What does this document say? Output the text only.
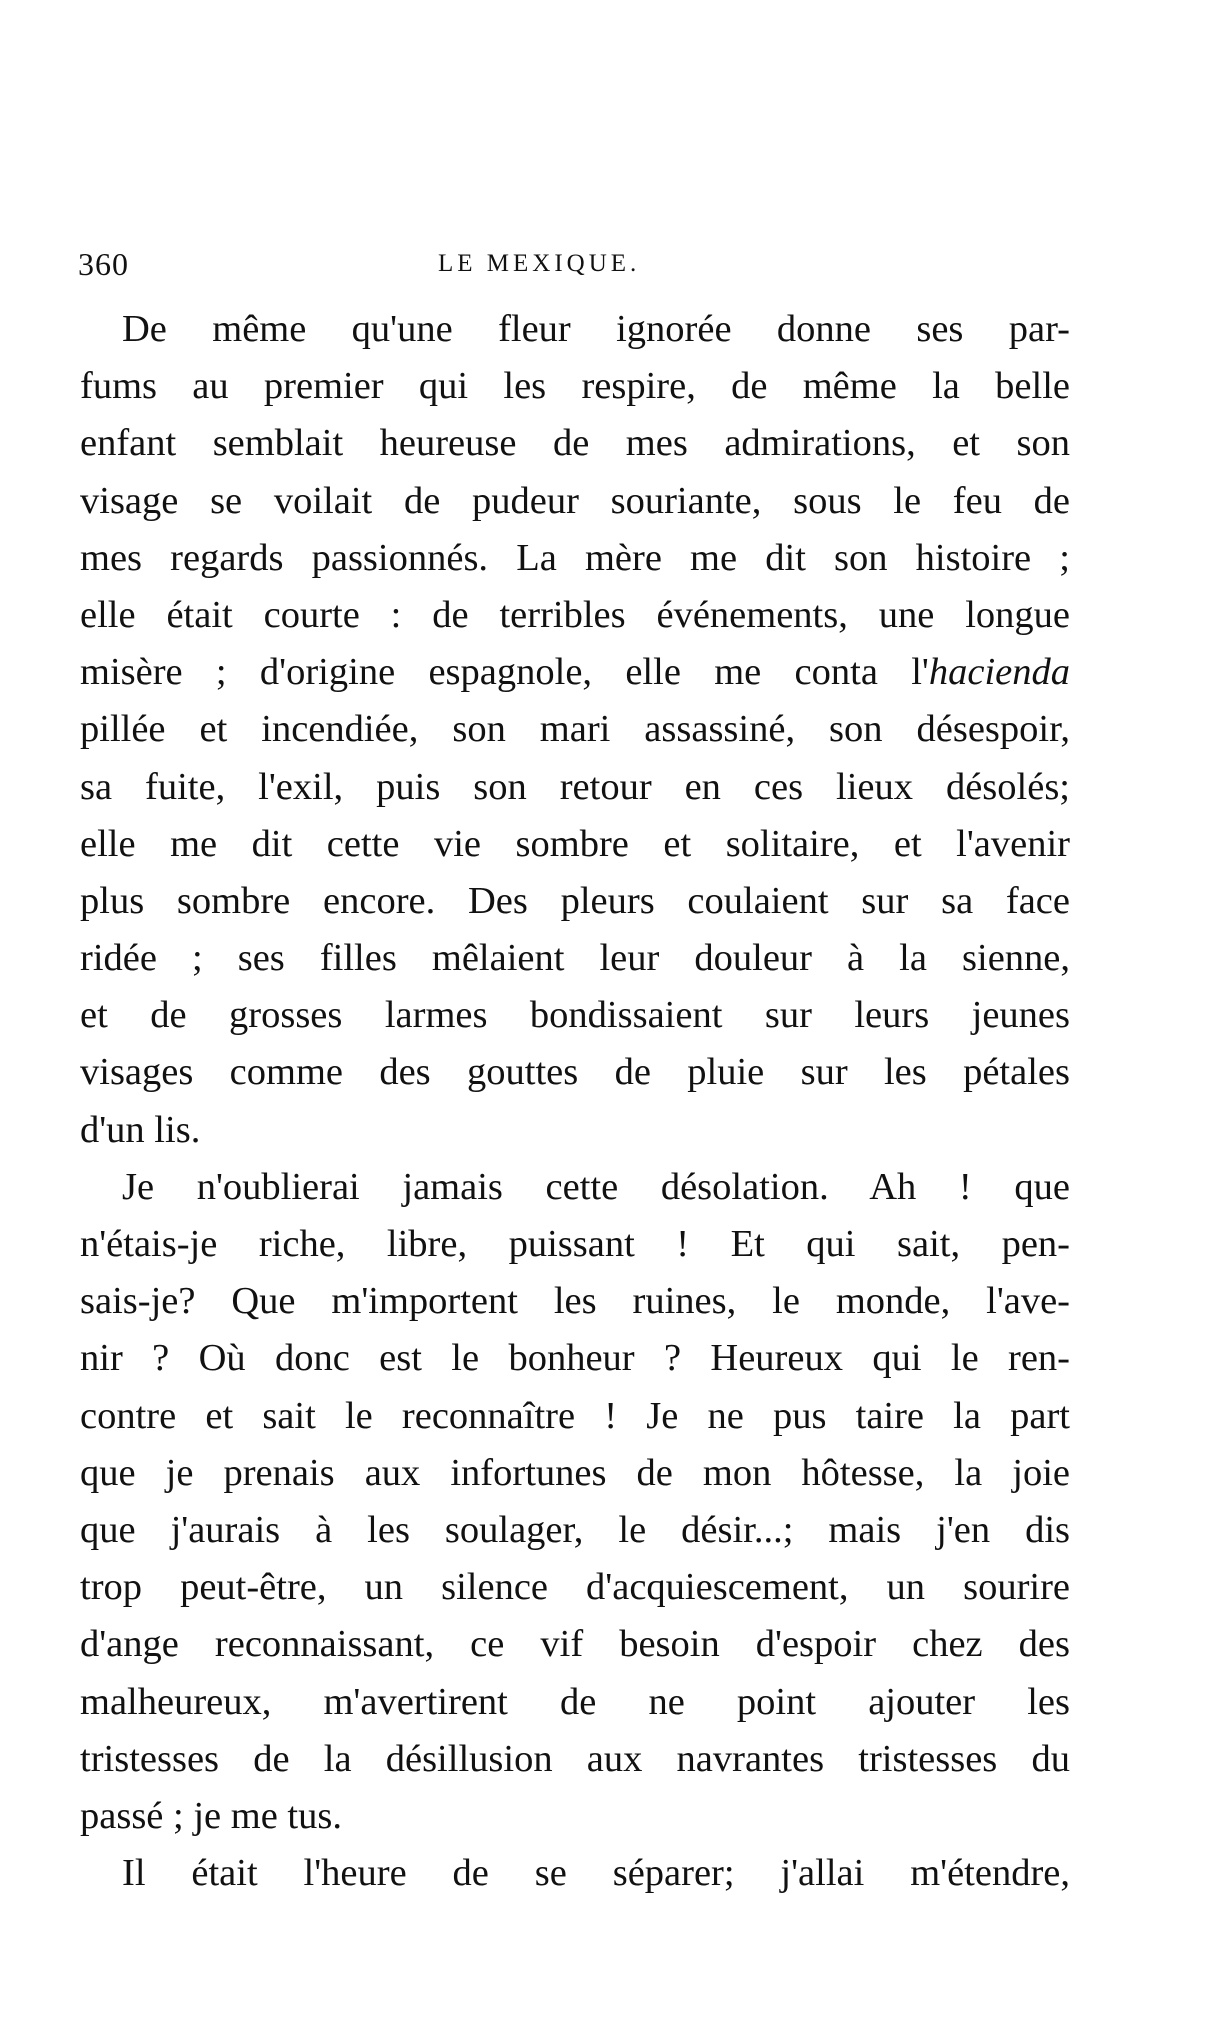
360	LE MEXIQUE.
De même qu'une fleur ignorée donne ses par-
fums au premier qui les respire, de même la belle
enfant semblait heureuse de mes admirations, et son
visage se voilait de pudeur souriante, sous le feu de
mes regards passionnés. La mère me dit son histoire ;
elle était courte : de terribles événements, une longue
misère ; d'origine espagnole, elle me conta l'hacienda
pillée et incendiée, son mari assassiné, son désespoir,
sa fuite, l'exil, puis son retour en ces lieux désolés;
elle me dit cette vie sombre et solitaire, et l'avenir
plus sombre encore. Des pleurs coulaient sur sa face
ridée ; ses filles mêlaient leur douleur à la sienne,
et de grosses larmes bondissaient sur leurs jeunes
visages comme des gouttes de pluie sur les pétales
d'un lis.
Je n'oublierai jamais cette désolation. Ah ! que
n'étais-je riche, libre, puissant ! Et qui sait, pen-
sais-je? Que m'importent les ruines, le monde, l'ave-
nir ? Où donc est le bonheur ? Heureux qui le ren-
contre et sait le reconnaître ! Je ne pus taire la part
que je prenais aux infortunes de mon hôtesse, la joie
que j'aurais à les soulager, le désir...; mais j'en dis
trop peut-être, un silence d'acquiescement, un sourire
d'ange reconnaissant, ce vif besoin d'espoir chez des
malheureux, m'avertirent de ne point ajouter les
tristesses de la désillusion aux navrantes tristesses du
passé ; je me tus.
Il était l'heure de se séparer; j'allai m'étendre,
